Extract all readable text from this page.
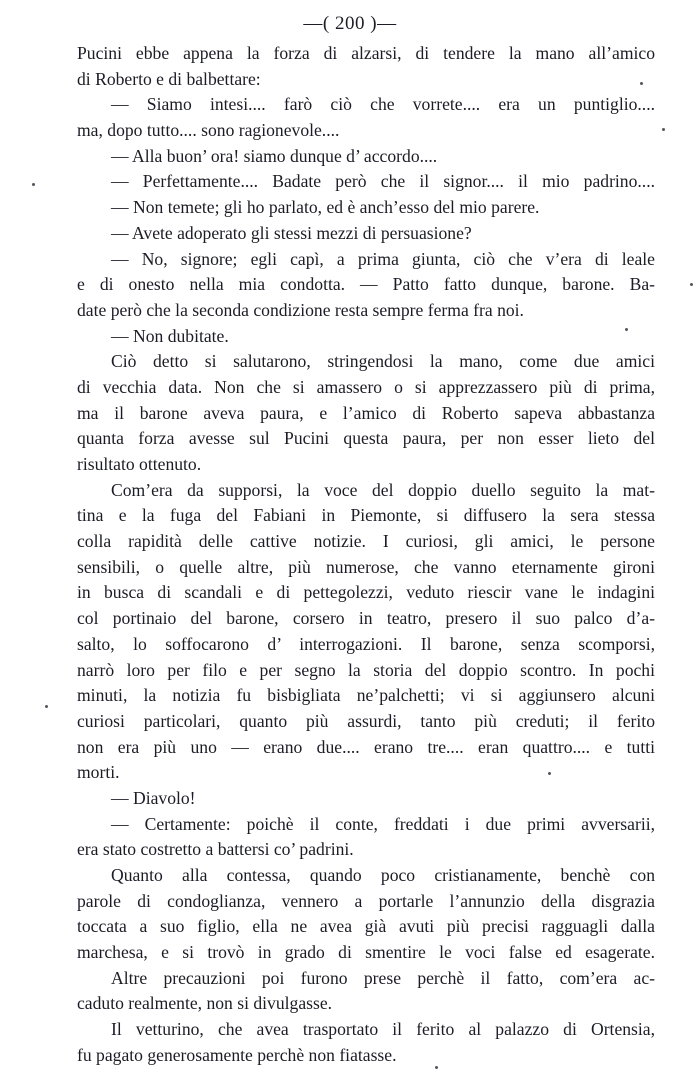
—( 200 )—
Pucini ebbe appena la forza di alzarsi, di tendere la mano all’amico
di Roberto e di balbettare:
— Siamo intesi.... farò ciò che vorrete.... era un puntiglio....
ma, dopo tutto.... sono ragionevole....
— Alla buon’ ora! siamo dunque d’ accordo....
— Perfettamente.... Badate però che il signor.... il mio padrino....
— Non temete; gli ho parlato, ed è anch’esso del mio parere.
— Avete adoperato gli stessi mezzi di persuasione?
— No, signore; egli capì, a prima giunta, ciò che v’era di leale
e di onesto nella mia condotta. — Patto fatto dunque, barone. Ba-
date però che la seconda condizione resta sempre ferma fra noi.
— Non dubitate.
Ciò detto si salutarono, stringendosi la mano, come due amici
di vecchia data. Non che si amassero o si apprezzassero più di prima,
ma il barone aveva paura, e l’amico di Roberto sapeva abbastanza
quanta forza avesse sul Pucini questa paura, per non esser lieto del
risultato ottenuto.
Com’era da supporsi, la voce del doppio duello seguito la mat-
tina e la fuga del Fabiani in Piemonte, si diffusero la sera stessa
colla rapidità delle cattive notizie. I curiosi, gli amici, le persone
sensibili, o quelle altre, più numerose, che vanno eternamente gironi
in busca di scandali e di pettegolezzi, veduto riescir vane le indagini
col portinaio del barone, corsero in teatro, presero il suo palco d’a-
salto, lo soffocarono d’ interrogazioni. Il barone, senza scomporsi,
narrò loro per filo e per segno la storia del doppio scontro. In pochi
minuti, la notizia fu bisbigliata ne’palchetti; vi si aggiunsero alcuni
curiosi particolari, quanto più assurdi, tanto più creduti; il ferito
non era più uno — erano due.... erano tre.... eran quattro.... e tutti
morti.
— Diavolo!
— Certamente: poichè il conte, freddati i due primi avversarii,
era stato costretto a battersi co’ padrini.
Quanto alla contessa, quando poco cristianamente, benchè con
parole di condoglianza, vennero a portarle l’annunzio della disgrazia
toccata a suo figlio, ella ne avea già avuti più precisi ragguagli dalla
marchesa, e si trovò in grado di smentire le voci false ed esagerate.
Altre precauzioni poi furono prese perchè il fatto, com’era ac-
caduto realmente, non si divulgasse.
Il vetturino, che avea trasportato il ferito al palazzo di Ortensia,
fu pagato generosamente perchè non fiatasse.
